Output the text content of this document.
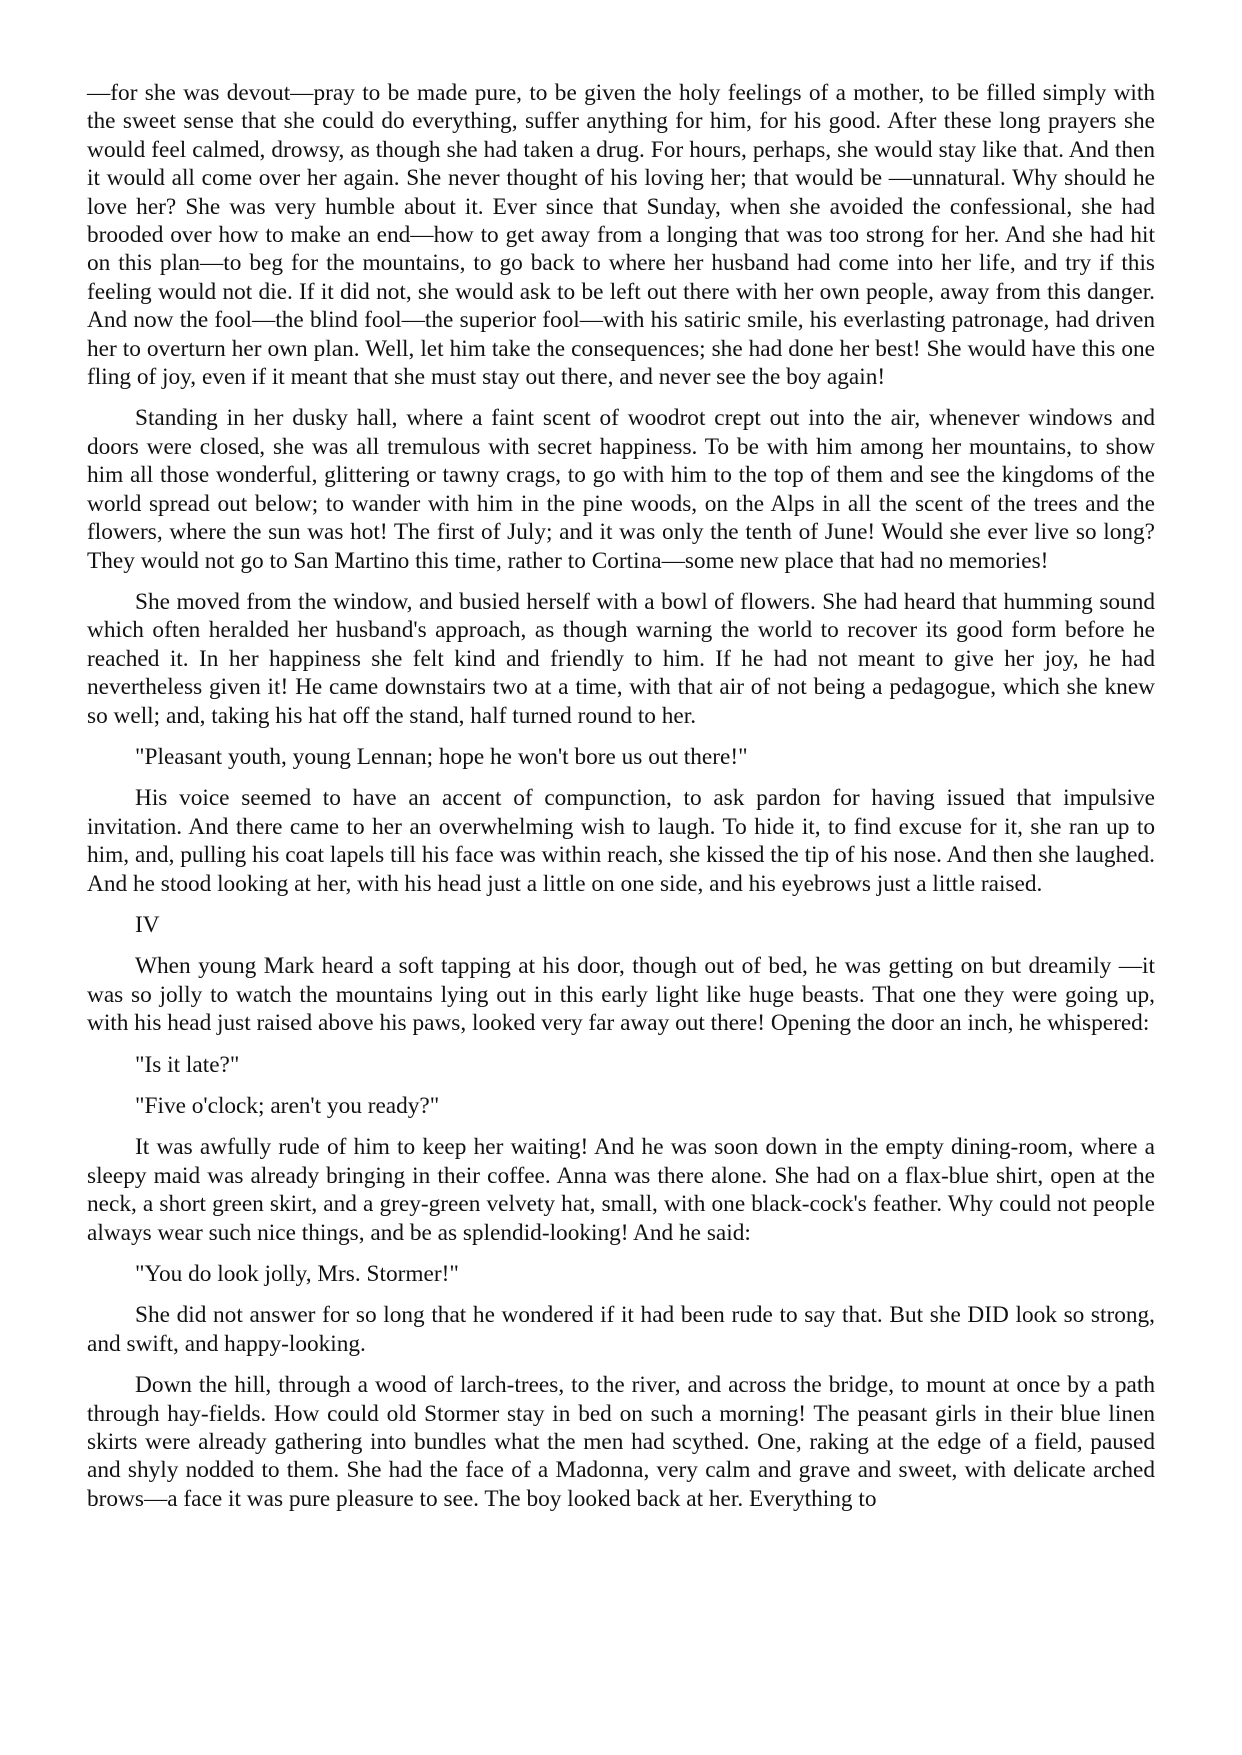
—for she was devout—pray to be made pure, to be given the holy feelings of a mother, to be filled simply with the sweet sense that she could do everything, suffer anything for him, for his good. After these long prayers she would feel calmed, drowsy, as though she had taken a drug. For hours, perhaps, she would stay like that. And then it would all come over her again. She never thought of his loving her; that would be —unnatural. Why should he love her? She was very humble about it. Ever since that Sunday, when she avoided the confessional, she had brooded over how to make an end—how to get away from a longing that was too strong for her. And she had hit on this plan—to beg for the mountains, to go back to where her husband had come into her life, and try if this feeling would not die. If it did not, she would ask to be left out there with her own people, away from this danger. And now the fool—the blind fool—the superior fool—with his satiric smile, his everlasting patronage, had driven her to overturn her own plan. Well, let him take the consequences; she had done her best! She would have this one fling of joy, even if it meant that she must stay out there, and never see the boy again!

Standing in her dusky hall, where a faint scent of woodrot crept out into the air, whenever windows and doors were closed, she was all tremulous with secret happiness. To be with him among her mountains, to show him all those wonderful, glittering or tawny crags, to go with him to the top of them and see the kingdoms of the world spread out below; to wander with him in the pine woods, on the Alps in all the scent of the trees and the flowers, where the sun was hot! The first of July; and it was only the tenth of June! Would she ever live so long? They would not go to San Martino this time, rather to Cortina—some new place that had no memories!

She moved from the window, and busied herself with a bowl of flowers. She had heard that humming sound which often heralded her husband's approach, as though warning the world to recover its good form before he reached it. In her happiness she felt kind and friendly to him. If he had not meant to give her joy, he had nevertheless given it! He came downstairs two at a time, with that air of not being a pedagogue, which she knew so well; and, taking his hat off the stand, half turned round to her.

"Pleasant youth, young Lennan; hope he won't bore us out there!"

His voice seemed to have an accent of compunction, to ask pardon for having issued that impulsive invitation. And there came to her an overwhelming wish to laugh. To hide it, to find excuse for it, she ran up to him, and, pulling his coat lapels till his face was within reach, she kissed the tip of his nose. And then she laughed. And he stood looking at her, with his head just a little on one side, and his eyebrows just a little raised.

IV

When young Mark heard a soft tapping at his door, though out of bed, he was getting on but dreamily —it was so jolly to watch the mountains lying out in this early light like huge beasts. That one they were going up, with his head just raised above his paws, looked very far away out there! Opening the door an inch, he whispered:

"Is it late?"

"Five o'clock; aren't you ready?"

It was awfully rude of him to keep her waiting! And he was soon down in the empty dining-room, where a sleepy maid was already bringing in their coffee. Anna was there alone. She had on a flax-blue shirt, open at the neck, a short green skirt, and a grey-green velvety hat, small, with one black-cock's feather. Why could not people always wear such nice things, and be as splendid-looking! And he said:

"You do look jolly, Mrs. Stormer!"

She did not answer for so long that he wondered if it had been rude to say that. But she DID look so strong, and swift, and happy-looking.

Down the hill, through a wood of larch-trees, to the river, and across the bridge, to mount at once by a path through hay-fields. How could old Stormer stay in bed on such a morning! The peasant girls in their blue linen skirts were already gathering into bundles what the men had scythed. One, raking at the edge of a field, paused and shyly nodded to them. She had the face of a Madonna, very calm and grave and sweet, with delicate arched brows—a face it was pure pleasure to see. The boy looked back at her. Everything to
